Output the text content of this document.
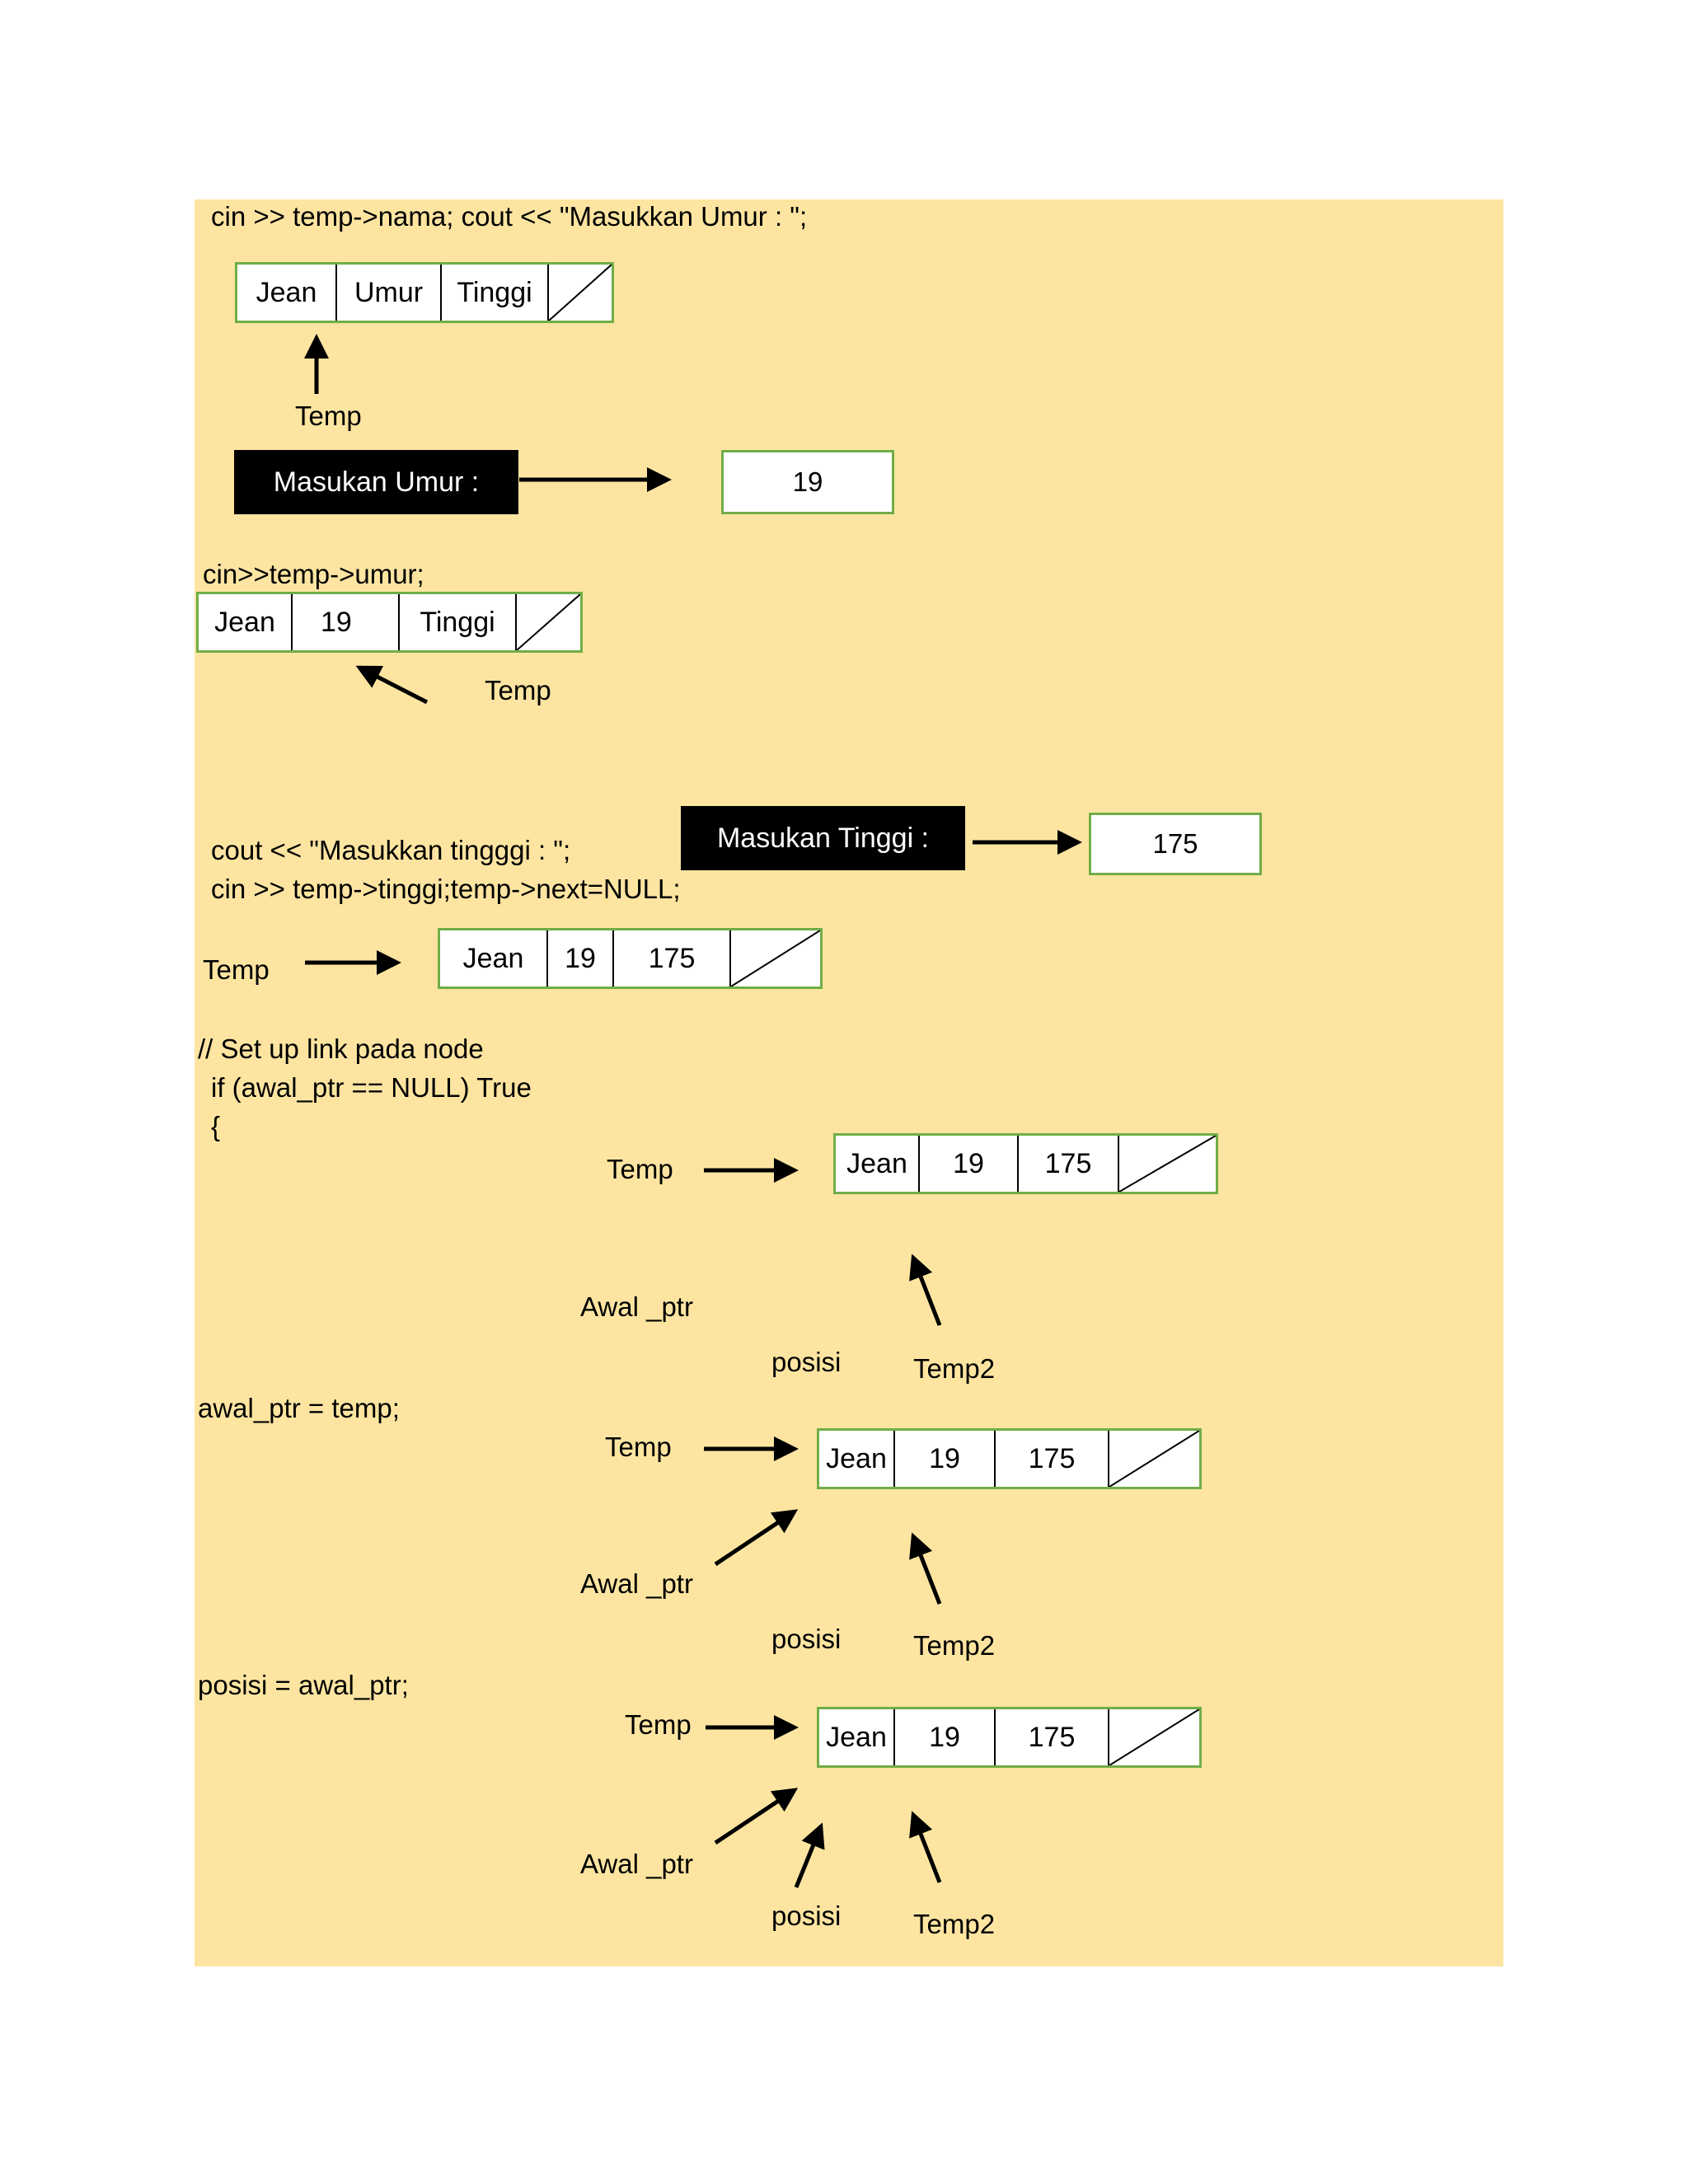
cin >> temp->nama; cout << "Masukkan Umur : ";
Jean	Umur	Tinggi
Temp
Masukan Umur :	19
cin>>temp->umur;
Jean	19	Tinggi
Temp
Masukan Tinggi :	175
cout << "Masukkan tingggi : ";
cin >> temp->tinggi;temp->next=NULL;
Temp	Jean	19	175
// Set up link pada node
if (awal_ptr == NULL) True
{
Temp	Jean	19	175
Awal _ptr
posisi	Temp2
awal_ptr = temp;
Temp	Jean	19	175
Awal _ptr
posisi	Temp2
posisi = awal_ptr;
Temp	Jean	19	175
Awal _ptr
posisi	Temp2
